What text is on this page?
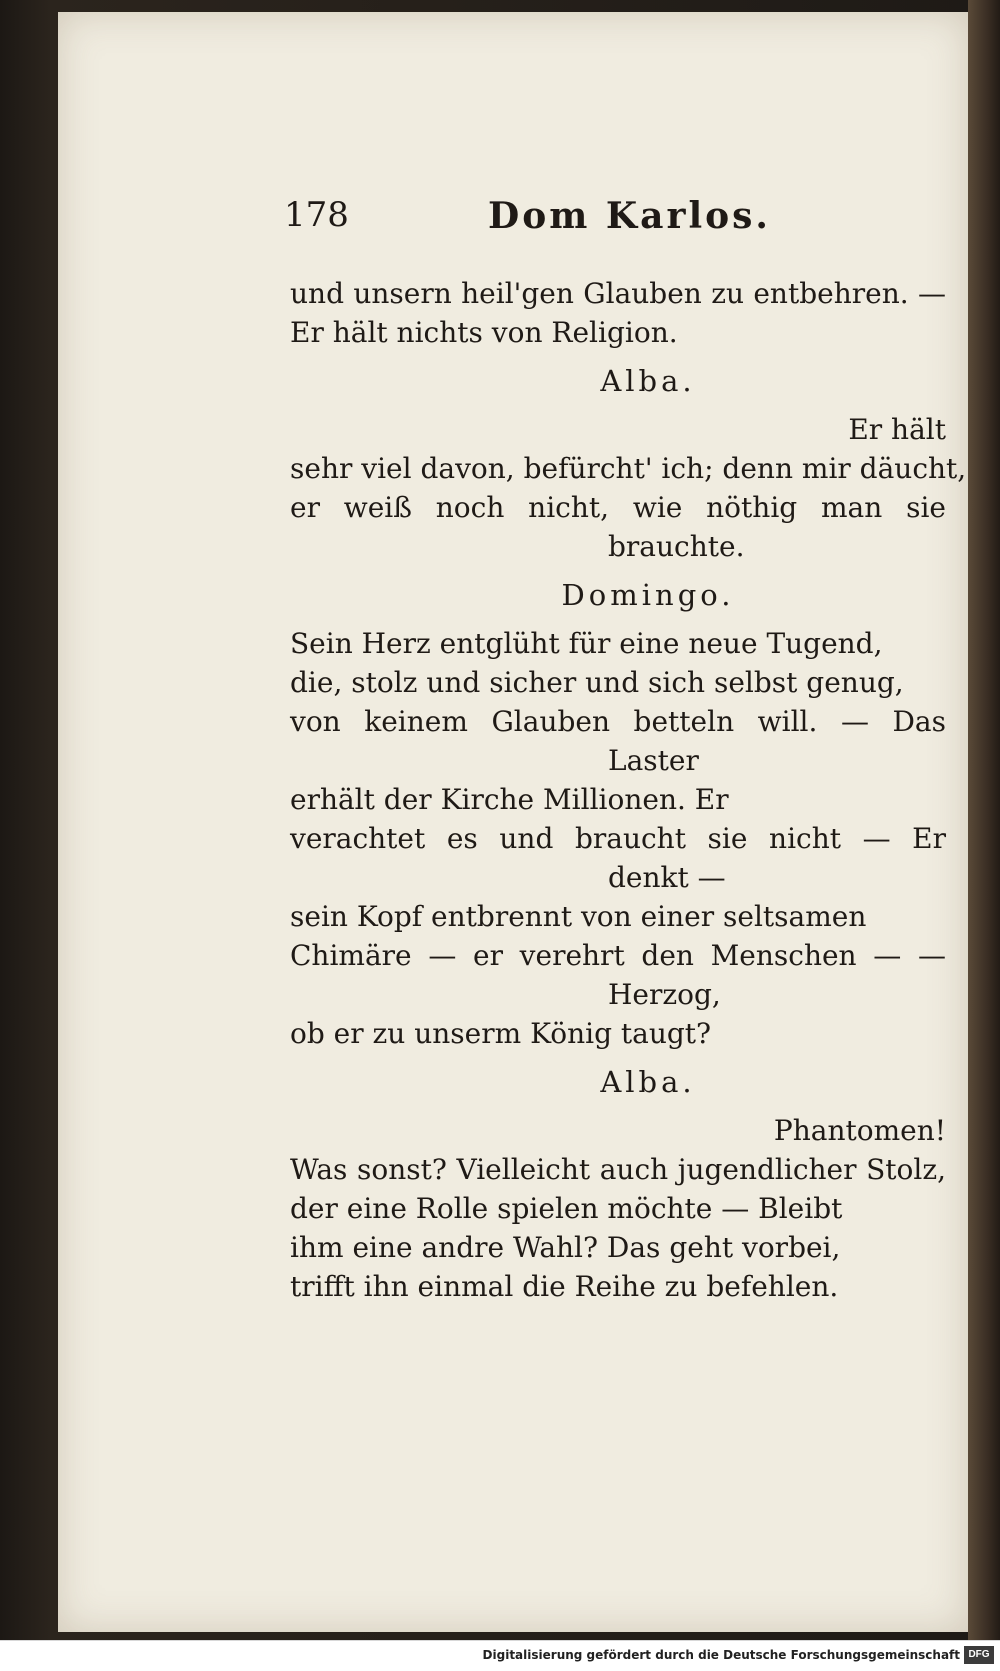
178	Dom Karlos.
und unsern heil'gen Glauben zu entbehren. —
Er hält nichts von Religion.
Alba.
Er hält
sehr viel davon, befürcht' ich; denn mir däucht,
er weiß noch nicht, wie nöthig man sie
brauchte.
Domingo.
Sein Herz entglüht für eine neue Tugend,
die, stolz und sicher und sich selbst genug,
von keinem Glauben betteln will. — Das
Laster
erhält der Kirche Millionen. Er
verachtet es und braucht sie nicht — Er
denkt —
sein Kopf entbrennt von einer seltsamen
Chimäre — er verehrt den Menschen — —
Herzog,
ob er zu unserm König taugt?
Alba.
Phantomen!
Was sonst? Vielleicht auch jugendlicher Stolz,
der eine Rolle spielen möchte — Bleibt
ihm eine andre Wahl? Das geht vorbei,
trifft ihn einmal die Reihe zu befehlen.
Digitalisierung gefördert durch die Deutsche Forschungsgemeinschaft DFG
